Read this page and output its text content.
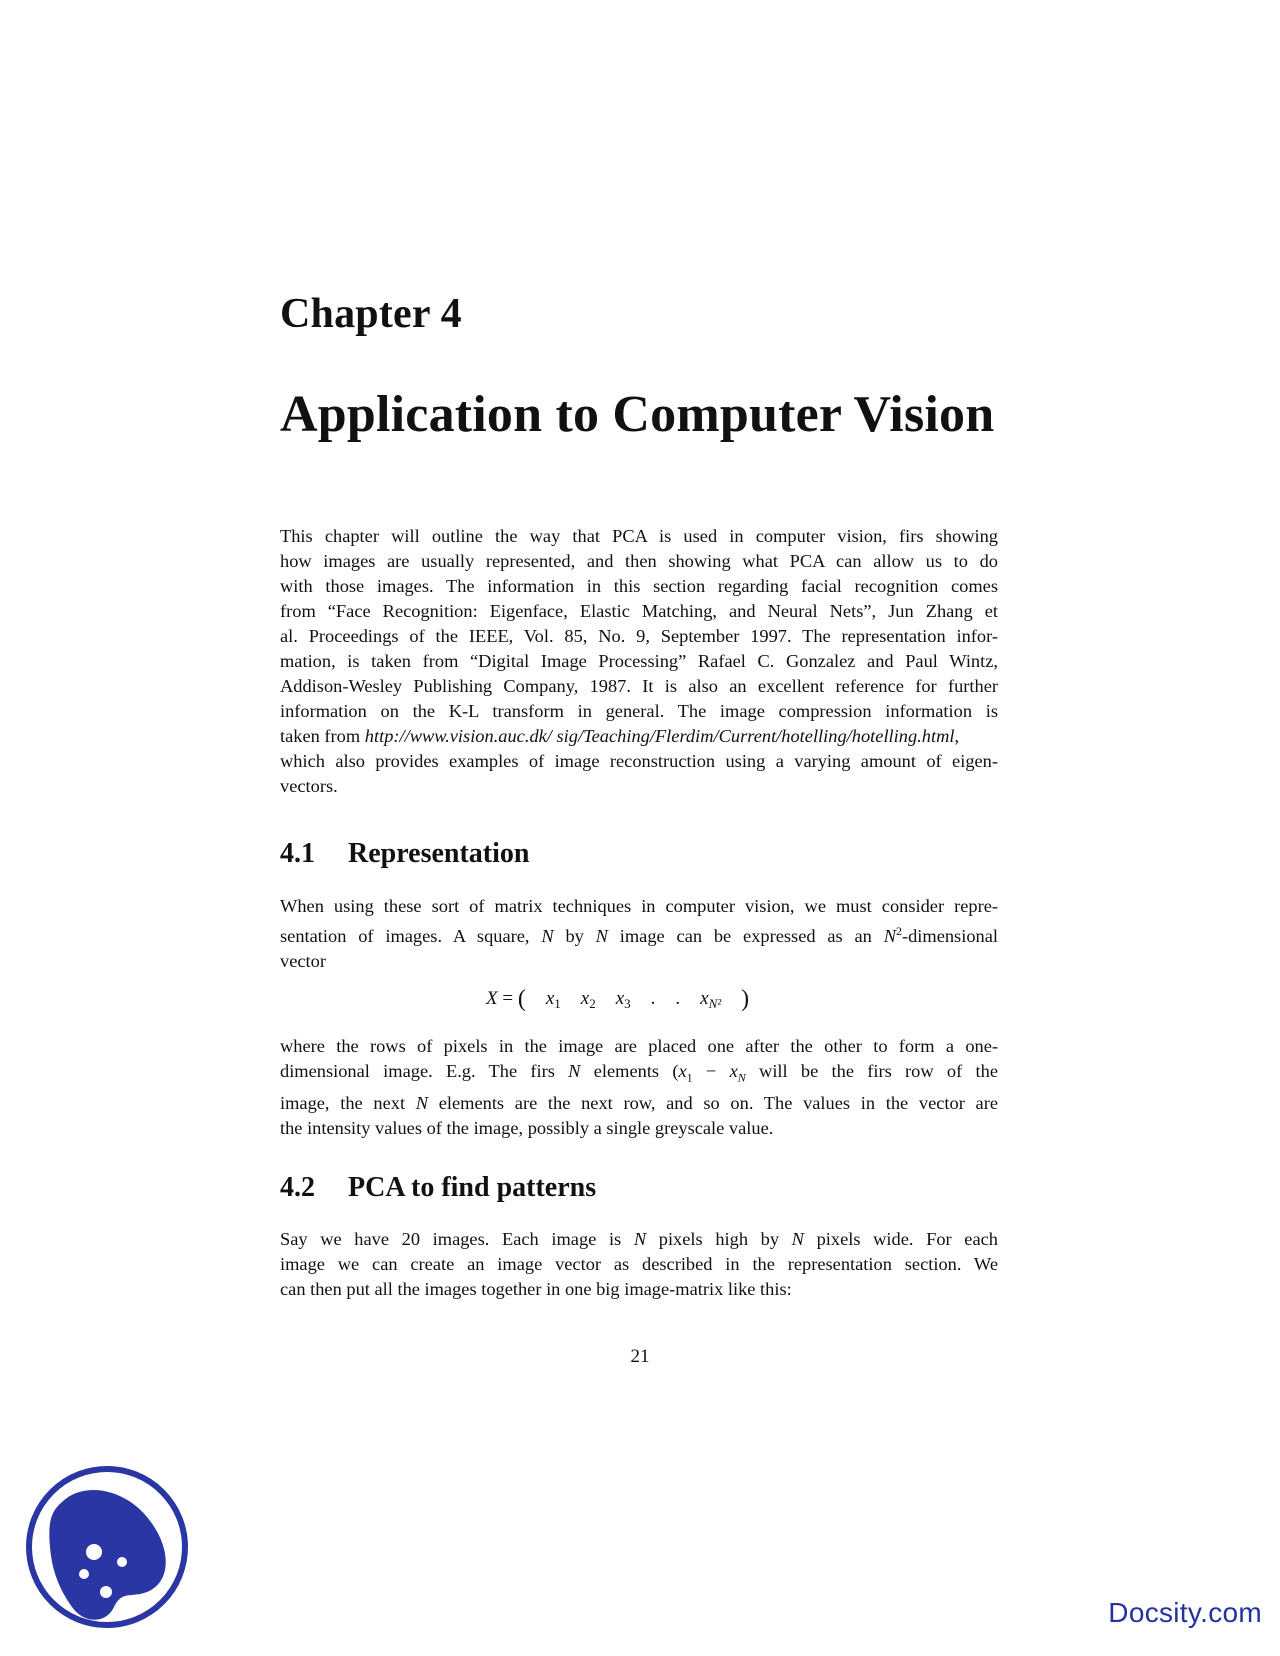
Chapter 4
Application to Computer Vision
This chapter will outline the way that PCA is used in computer vision, firs showing
how images are usually represented, and then showing what PCA can allow us to do
with those images. The information in this section regarding facial recognition comes
from “Face Recognition: Eigenface, Elastic Matching, and Neural Nets”, Jun Zhang et
al. Proceedings of the IEEE, Vol. 85, No. 9, September 1997. The representation infor-
mation, is taken from “Digital Image Processing” Rafael C. Gonzalez and Paul Wintz,
Addison-Wesley Publishing Company, 1987. It is also an excellent reference for further
information on the K-L transform in general. The image compression information is
taken from http://www.vision.auc.dk/ sig/Teaching/Flerdim/Current/hotelling/hotelling.html,
which also provides examples of image reconstruction using a varying amount of eigen-
vectors.
4.1 Representation
When using these sort of matrix techniques in computer vision, we must consider repre-
sentation of images. A square, N by N image can be expressed as an $N^2$-dimensional
vector
X = ( $x_1$ $x_2$ $x_3$ . . $x_{N^2}$ )
where the rows of pixels in the image are placed one after the other to form a one-
dimensional image. E.g. The firs N elements ($x_1 - x_N$ will be the firs row of the
image, the next N elements are the next row, and so on. The values in the vector are
the intensity values of the image, possibly a single greyscale value.
4.2 PCA to find patterns
Say we have 20 images. Each image is N pixels high by N pixels wide. For each
image we can create an image vector as described in the representation section. We
can then put all the images together in one big image-matrix like this:
21
Docsity.com
